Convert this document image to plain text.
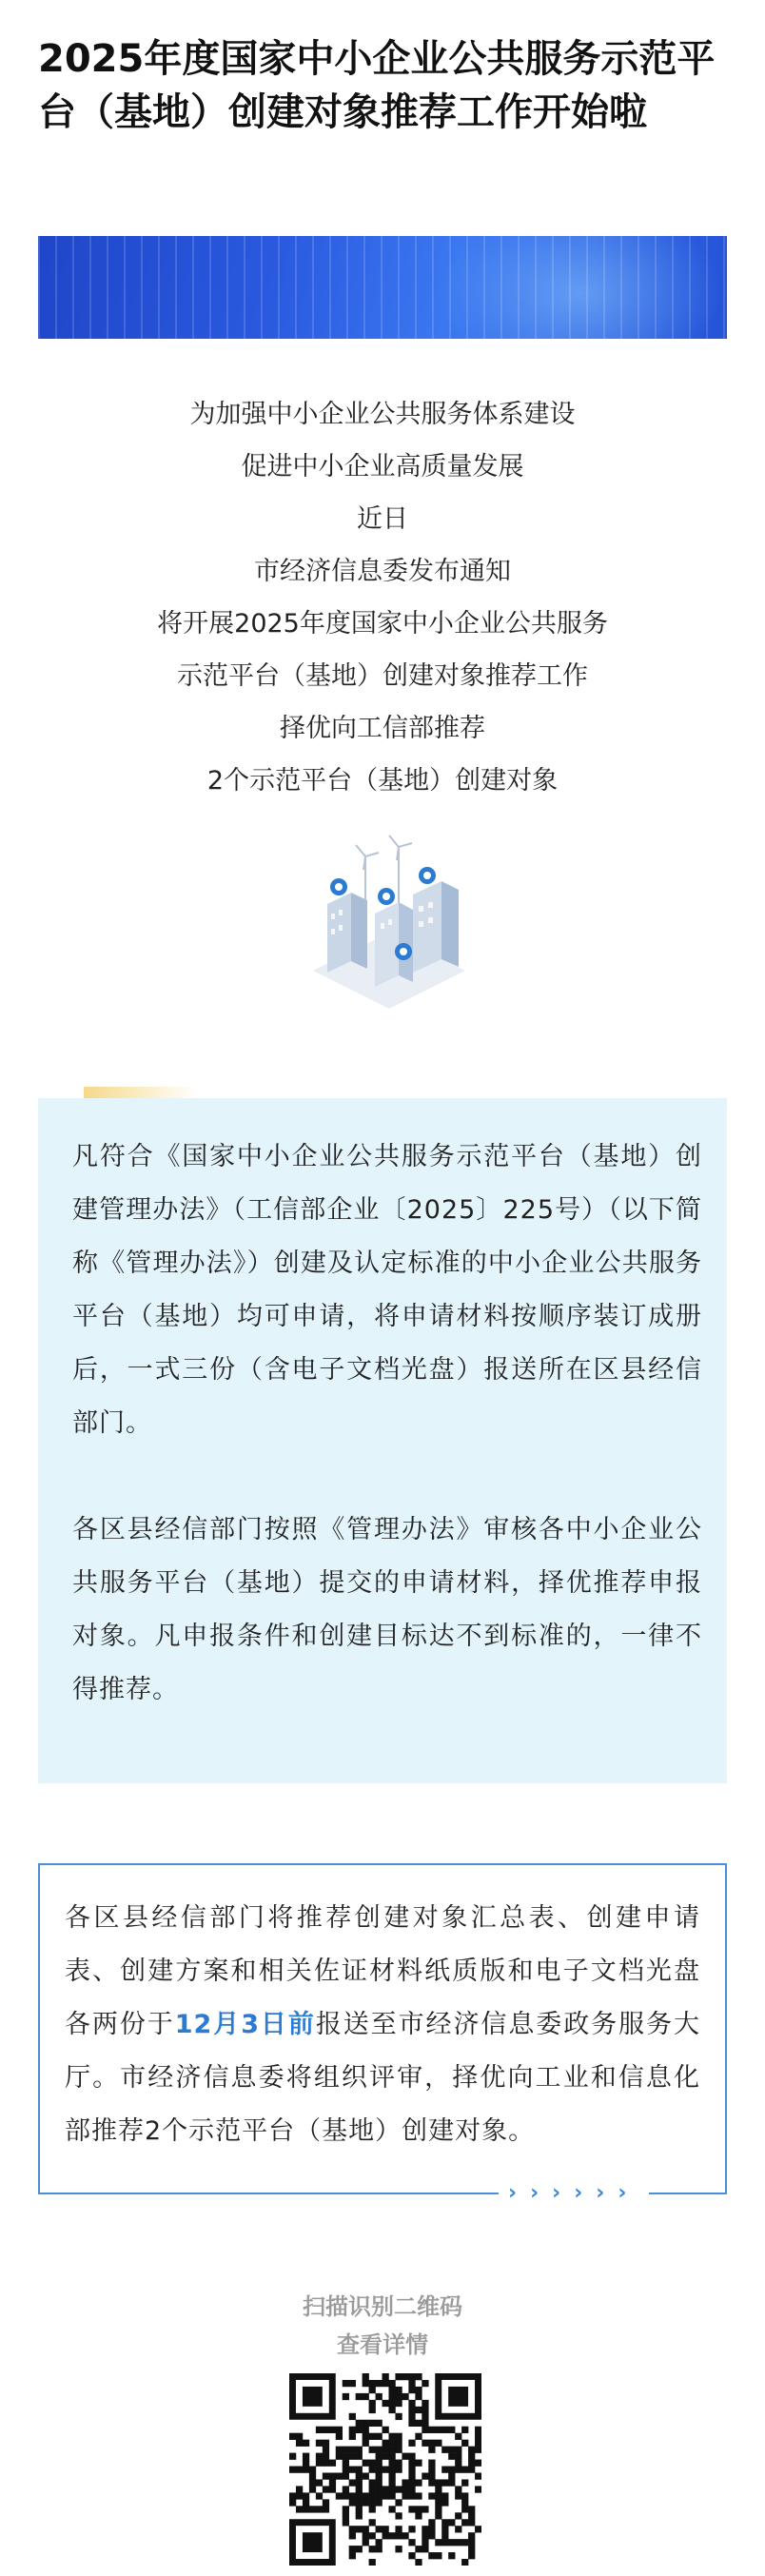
2025年度国家中小企业公共服务示范平台（基地）创建对象推荐工作开始啦

为加强中小企业公共服务体系建设

促进中小企业高质量发展

近日

市经济信息委发布通知

将开展2025年度国家中小企业公共服务

示范平台（基地）创建对象推荐工作

择优向工信部推荐

2个示范平台（基地）创建对象

凡符合《国家中小企业公共服务示范平台（基地）创建管理办法》（工信部企业〔2025〕225号）（以下简称《管理办法》）创建及认定标准的中小企业公共服务平台（基地）均可申请，将申请材料按顺序装订成册后，一式三份（含电子文档光盘）报送所在区县经信部门。

各区县经信部门按照《管理办法》审核各中小企业公共服务平台（基地）提交的申请材料，择优推荐申报对象。凡申报条件和创建目标达不到标准的，一律不得推荐。

各区县经信部门将推荐创建对象汇总表、创建申请表、创建方案和相关佐证材料纸质版和电子文档光盘各两份于12月3日前报送至市经济信息委政务服务大厅。市经济信息委将组织评审，择优向工业和信息化部推荐2个示范平台（基地）创建对象。

››››››

扫描识别二维码

查看详情
